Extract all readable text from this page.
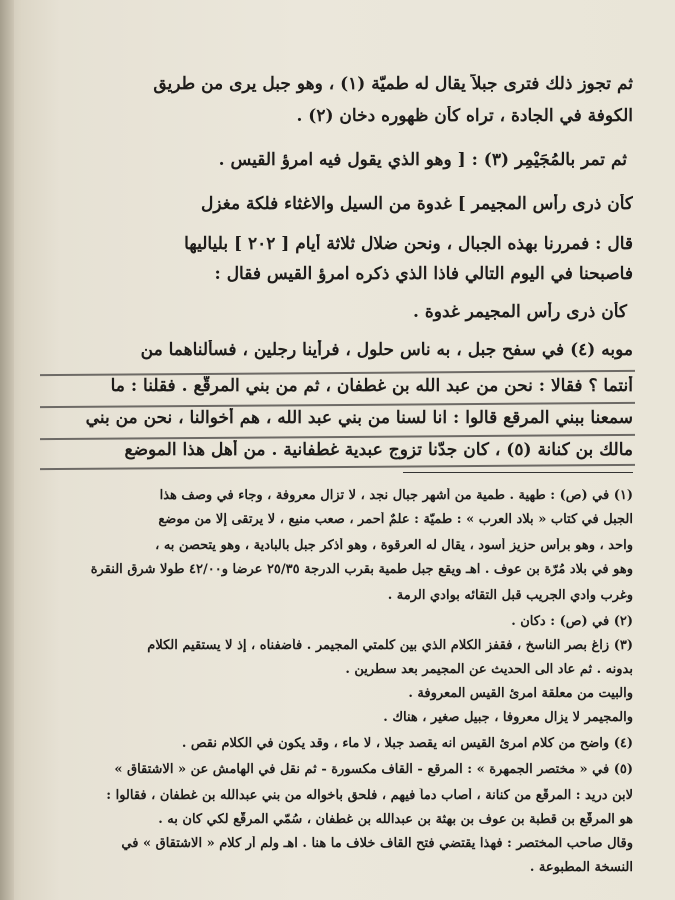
ثم تجوز ذلك فترى جبلاً يقال له طميّة (١) ، وهو جبل يرى من طريق
الكوفة في الجادة ، تراه كأن ظهوره دخان (٢) .
ثم تمر بالمُجَيْمِر (٣) : [ وهو الذي يقول فيه امرؤ القيس .
كأن ذرى رأس المجيمر ] غدوة من السيل والاغثاء فلكة مغزل
قال : فمررنا بهذه الجبال ، ونحن ضلال ثلاثة أيام [ ٢٠٢ ] بلياليها
فاصبحنا في اليوم التالي فاذا الذي ذكره امرؤ القيس فقال :
كأن ذرى رأس المجيمر غدوة .
موبه (٤) في سفح جبل ، به ناس حلول ، فرأينا رجلين ، فسألناهما من
أنتما ؟ فقالا : نحن من عبد الله بن غطفان ، ثم من بني المرقّع . فقلنا : ما
سمعنا ببني المرقع قالوا : انا لسنا من بني عبد الله ، هم أخوالنا ، نحن من بني
مالك بن كنانة (٥) ، كان جدّنا تزوج عبدية غطفانية . من أهل هذا الموضع
(١) في (ص) : طهية . طمية من أشهر جبال نجد ، لا تزال معروفة ، وجاء في وصف هذا
الجبل في كتاب « بلاد العرب » : طميّة : علمٌ أحمر ، صعب منيع ، لا يرتقى إلا من موضع
واحد ، وهو برأس حزيز أسود ، يقال له العرقوة ، وهو أذكر جبل بالبادية ، وهو يتحصن به ،
وهو في بلاد مُرّة بن عوف . اهـ ويقع جبل طمية بقرب الدرجة ٢٥/٣٥ عرضا و٤٢/٠٠ طولا شرق النقرة
وغرب وادي الجريب قبل التقائه بوادي الرمة .
(٢) في (ص) : دكان .
(٣) زاغ بصر الناسخ ، فقفز الكلام الذي بين كلمتي المجيمر . فأضفناه ، إذ لا يستقيم الكلام
بدونه . ثم عاد الى الحديث عن المجيمر بعد سطرين .
والبيت من معلقة امرئ القيس المعروفة .
والمجيمر لا يزال معروفا ، جبيل صغير ، هناك .
(٤) واضح من كلام امرئ القيس انه يقصد جبلا ، لا ماء ، وقد يكون في الكلام نقص .
(٥) في « مختصر الجمهرة » : المرقع - القاف مكسورة - ثم نقل في الهامش عن « الاشتقاق »
لابن دريد : المرقِّع من كنانة ، أصاب دماً فيهم ، فلحق بأخواله من بني عبدالله بن غطفان ، فقالوا :
هو المرقّع بن قطبة بن عوف بن بهثة بن عبدالله بن غطفان ، سُمّي المرقّع لكي كان به .
وقال صاحب المختصر : فهذا يقتضي فتح القاف خلاف ما هنا . اهـ ولم أر كلام « الاشتقاق » في
النسخة المطبوعة .
